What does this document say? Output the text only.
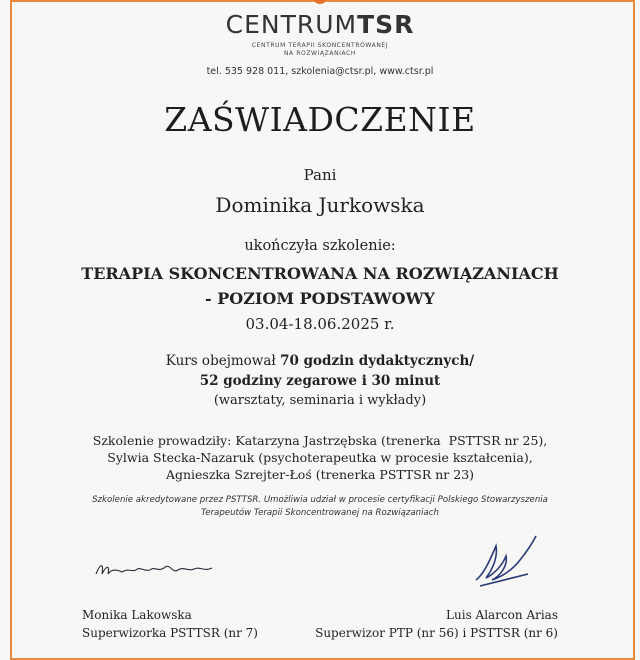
CENTRUMTSR
CENTRUM TERAPII SKONCENTROWANEJ
NA ROZWIĄZANIACH
tel. 535 928 011, szkolenia@ctsr.pl, www.ctsr.pl
ZAŚWIADCZENIE
Pani
Dominika Jurkowska
ukończyła szkolenie:
TERAPIA SKONCENTROWANA NA ROZWIĄZANIACH
- POZIOM PODSTAWOWY
03.04-18.06.2025 r.
Kurs obejmował 70 godzin dydaktycznych/
52 godziny zegarowe i 30 minut
(warsztaty, seminaria i wykłady)
Szkolenie prowadziły: Katarzyna Jastrzębska (trenerka  PSTTSR nr 25),
Sylwia Stecka-Nazaruk (psychoterapeutka w procesie kształcenia),
Agnieszka Szrejter-Łoś (trenerka PSTTSR nr 23)
Szkolenie akredytowane przez PSTTSR. Umożliwia udział w procesie certyfikacji Polskiego Stowarzyszenia
Terapeutów Terapii Skoncentrowanej na Rozwiązaniach
Monika Lakowska
Superwizorka PSTTSR (nr 7)
Luis Alarcon Arias
Superwizor PTP (nr 56) i PSTTSR (nr 6)
